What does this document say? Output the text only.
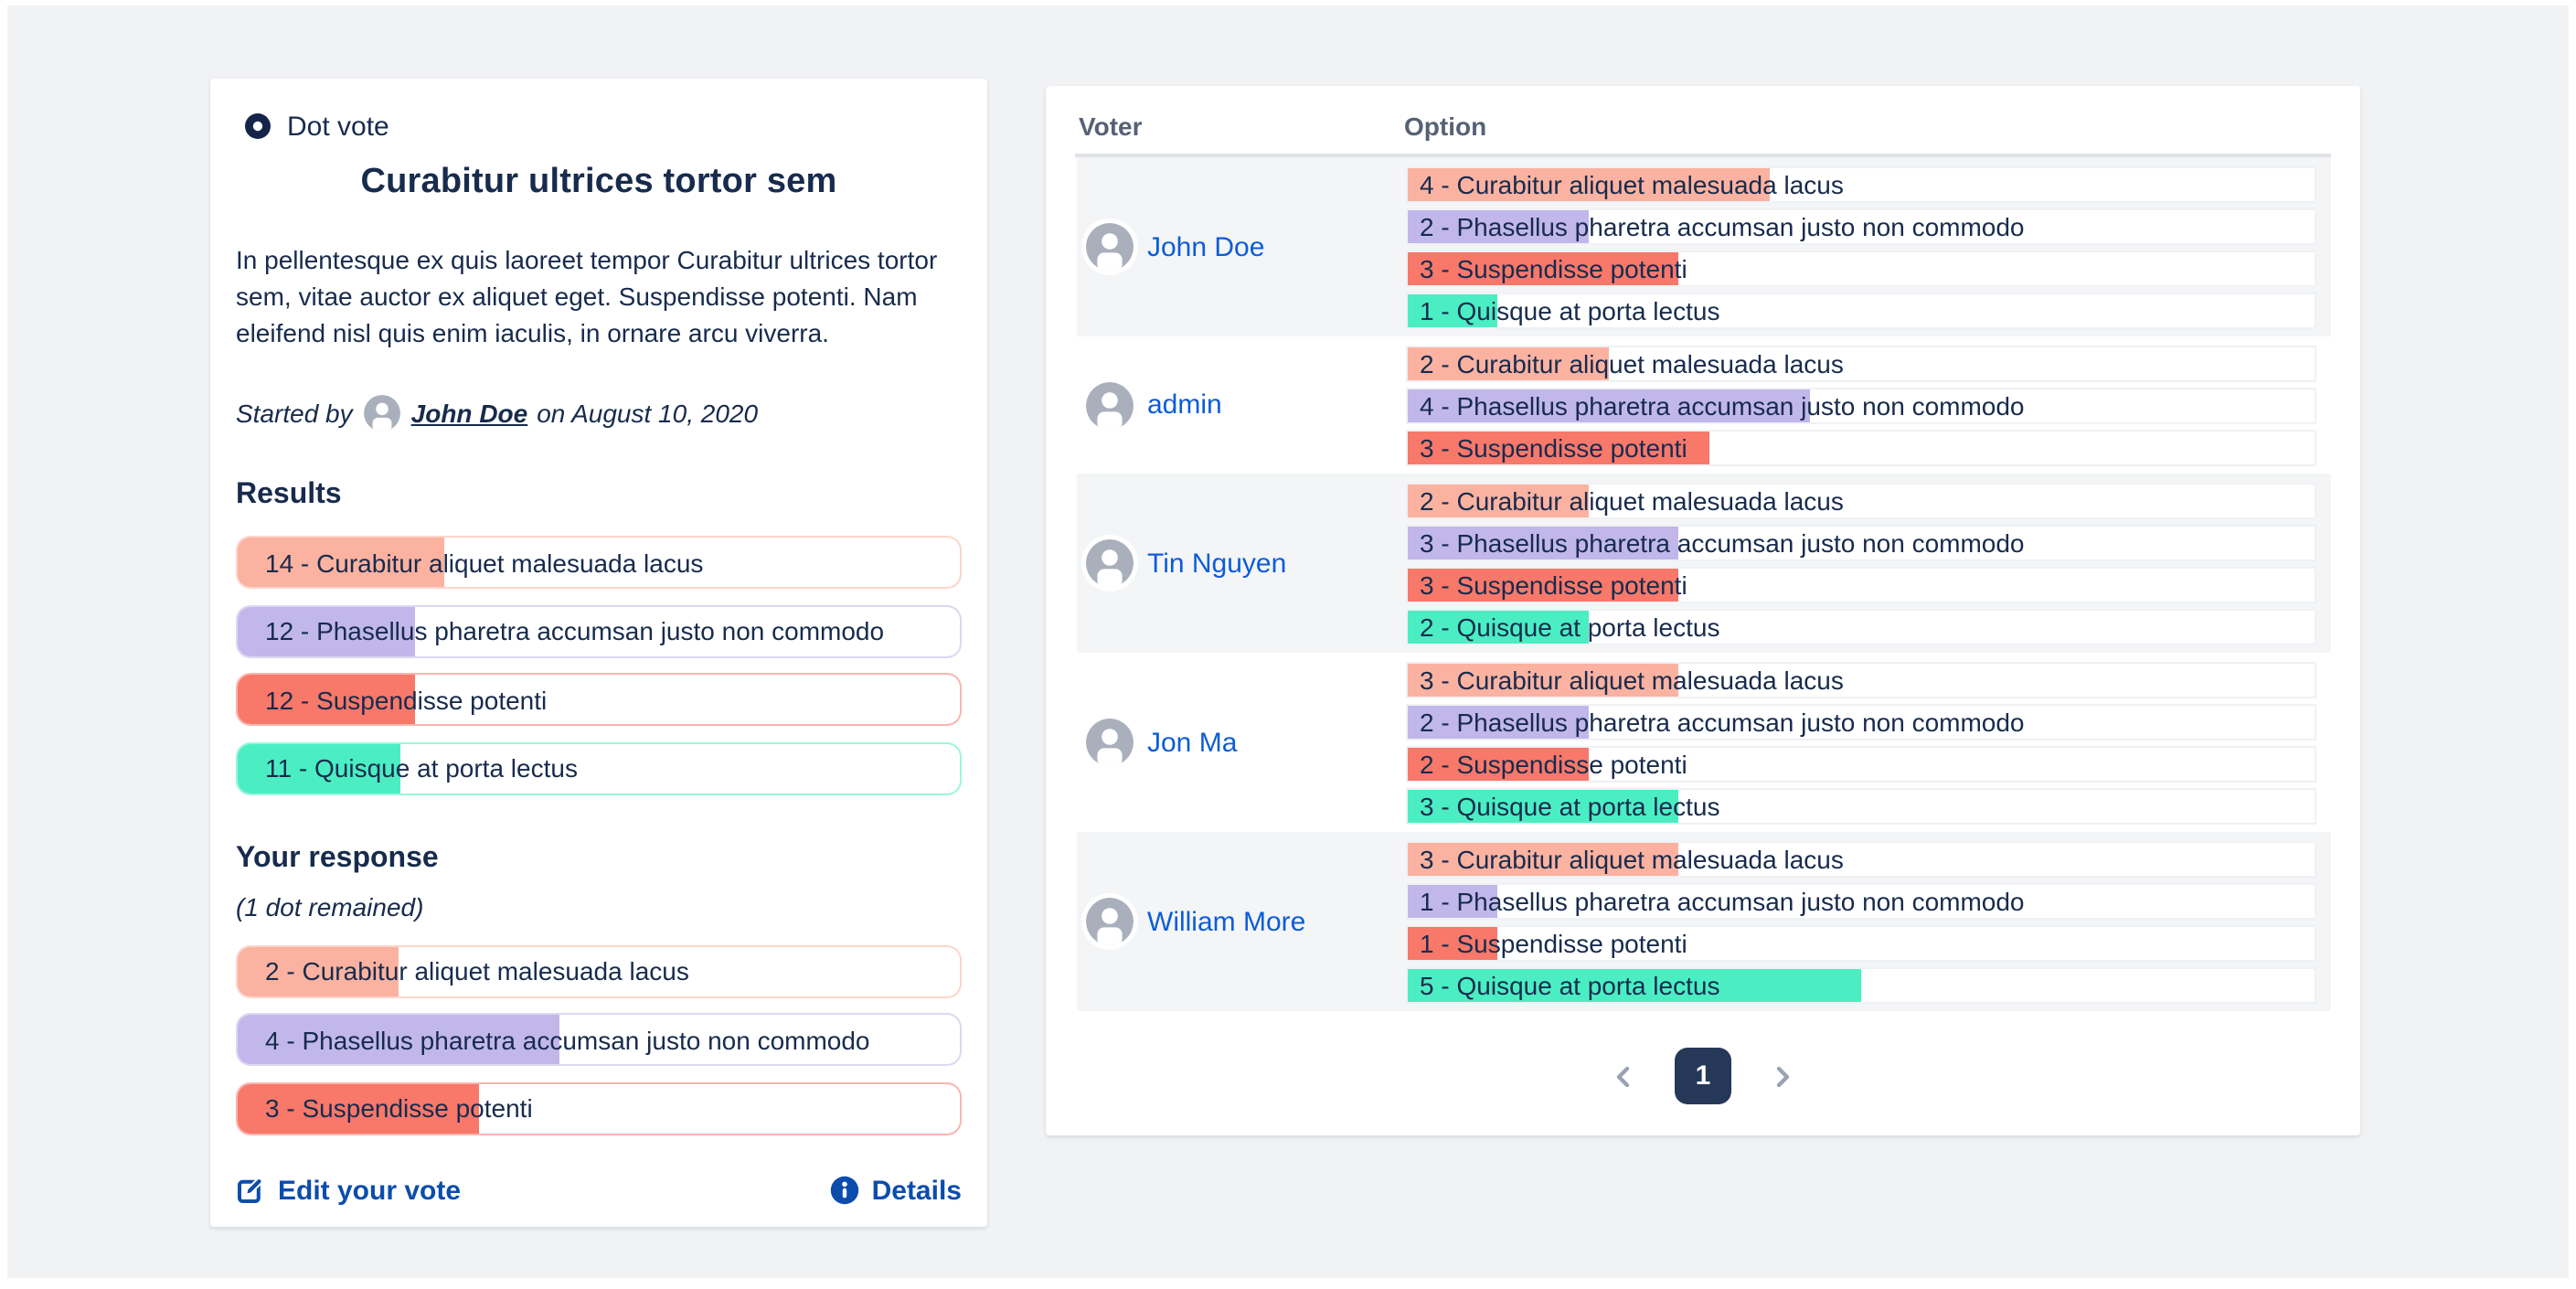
Dot vote
Curabitur ultrices tortor sem

In pellentesque ex quis laoreet tempor Curabitur ultrices tortor sem, vitae auctor ex aliquet eget. Suspendisse potenti. Nam eleifend nisl quis enim iaculis, in ornare arcu viverra.

Started by	John Doe on August 10, 2020
Results
14 - Curabitur aliquet malesuada lacus
12 - Phasellus pharetra accumsan justo non commodo
12 - Suspendisse potenti
11 - Quisque at porta lectus
Your response
(1 dot remained)
2 - Curabitur aliquet malesuada lacus
4 - Phasellus pharetra accumsan justo non commodo
3 - Suspendisse potenti
Edit your vote	Details
Voter	Option
John Doe
4 - Curabitur aliquet malesuada lacus
2 - Phasellus pharetra accumsan justo non commodo
3 - Suspendisse potenti
1 - Quisque at porta lectus
admin
2 - Curabitur aliquet malesuada lacus
4 - Phasellus pharetra accumsan justo non commodo
3 - Suspendisse potenti
Tin Nguyen
2 - Curabitur aliquet malesuada lacus
3 - Phasellus pharetra accumsan justo non commodo
3 - Suspendisse potenti
2 - Quisque at porta lectus
Jon Ma
3 - Curabitur aliquet malesuada lacus
2 - Phasellus pharetra accumsan justo non commodo
2 - Suspendisse potenti
3 - Quisque at porta lectus
William More
3 - Curabitur aliquet malesuada lacus
1 - Phasellus pharetra accumsan justo non commodo
1 - Suspendisse potenti
5 - Quisque at porta lectus
1
